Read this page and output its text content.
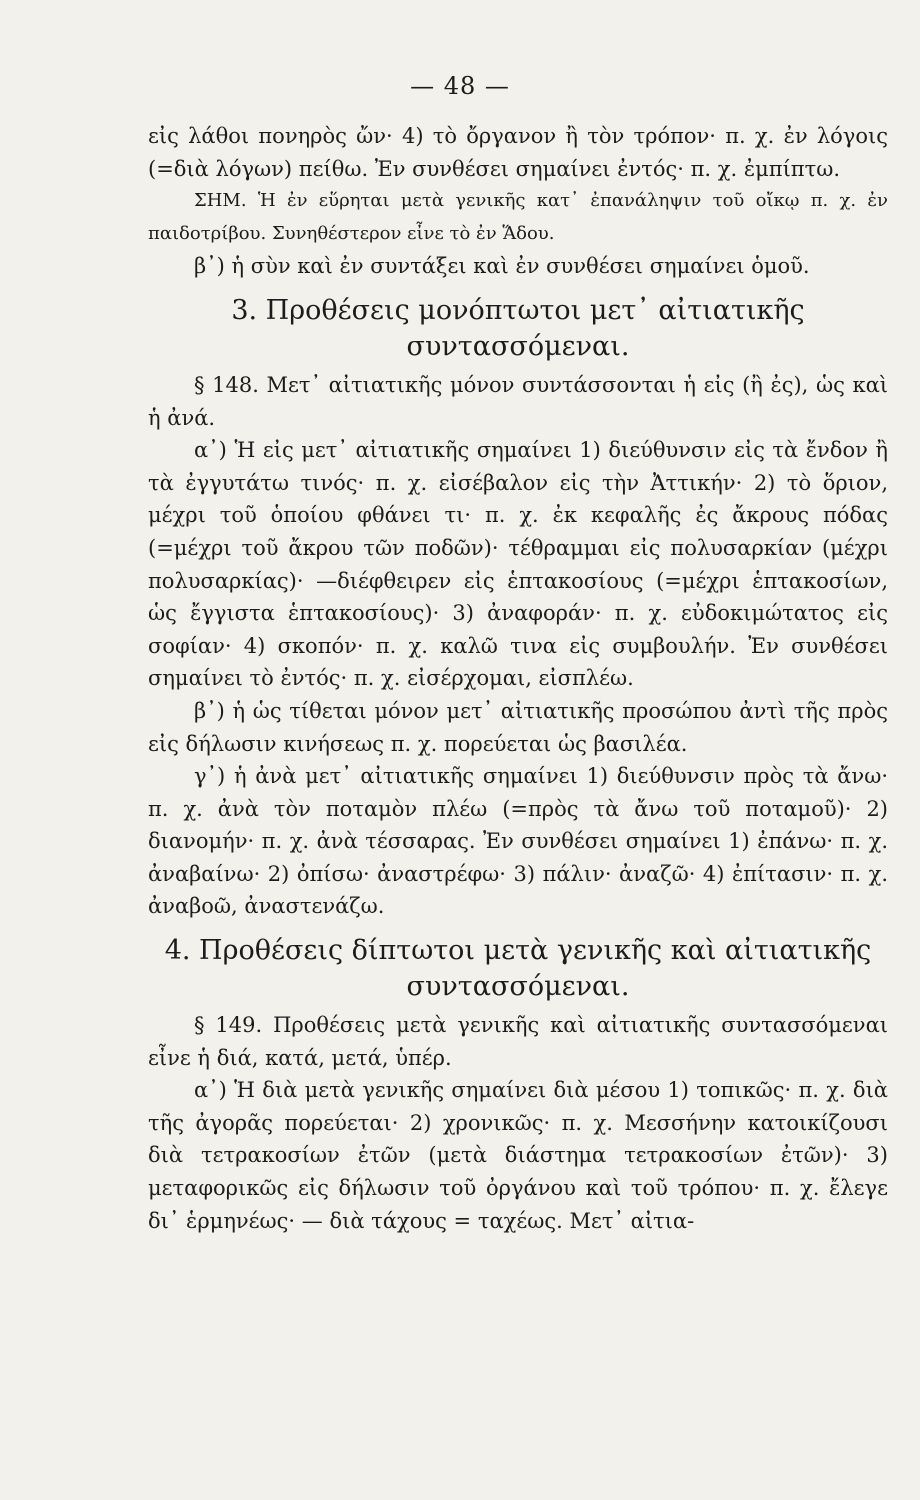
— 48 —

εἰς λάθοι πονηρὸς ὤν· 4) τὸ ὄργανον ἢ τὸν τρόπον· π. χ. ἐν λόγοις (=διὰ λόγων) πείθω. Ἐν συνθέσει σημαίνει ἐντός· π. χ. ἐμπίπτω.

ΣΗΜ. Ἡ ἐν εὕρηται μετὰ γενικῆς κατ᾽ ἐπανάληψιν τοῦ οἴκῳ π. χ. ἐν παιδοτρίβου. Συνηθέστερον εἶνε τὸ ἐν Ἅδου.

β᾽) ἡ σὺν καὶ ἐν συντάξει καὶ ἐν συνθέσει σημαίνει ὁμοῦ.

3. Προθέσεις μονόπτωτοι μετ᾽ αἰτιατικῆς
συντασσόμεναι.

§ 148. Μετ᾽ αἰτιατικῆς μόνον συντάσσονται ἡ εἰς (ἢ ἐς), ὡς καὶ ἡ ἀνά.

α᾽) Ἡ εἰς μετ᾽ αἰτιατικῆς σημαίνει 1) διεύθυνσιν εἰς τὰ ἔνδον ἢ τὰ ἐγγυτάτω τινός· π. χ. εἰσέβαλον εἰς τὴν Ἀττικήν· 2) τὸ ὅριον, μέχρι τοῦ ὁποίου φθάνει τι· π. χ. ἐκ κεφαλῆς ἐς ἄκρους πόδας (=μέχρι τοῦ ἄκρου τῶν ποδῶν)· τέθραμμαι εἰς πολυσαρκίαν (μέχρι πολυσαρκίας)· —διέφθειρεν εἰς ἑπτακοσίους (=μέχρι ἑπτακοσίων, ὡς ἔγγιστα ἑπτακοσίους)· 3) ἀναφοράν· π. χ. εὐδοκιμώτατος εἰς σοφίαν· 4) σκοπόν· π. χ. καλῶ τινα εἰς συμβουλήν. Ἐν συνθέσει σημαίνει τὸ ἐντός· π. χ. εἰσέρχομαι, εἰσπλέω.

β᾽) ἡ ὡς τίθεται μόνον μετ᾽ αἰτιατικῆς προσώπου ἀντὶ τῆς πρὸς εἰς δήλωσιν κινήσεως π. χ. πορεύεται ὡς βασιλέα.

γ᾽) ἡ ἀνὰ μετ᾽ αἰτιατικῆς σημαίνει 1) διεύθυνσιν πρὸς τὰ ἄνω· π. χ. ἀνὰ τὸν ποταμὸν πλέω (=πρὸς τὰ ἄνω τοῦ ποταμοῦ)· 2) διανομήν· π. χ. ἀνὰ τέσσαρας. Ἐν συνθέσει σημαίνει 1) ἐπάνω· π. χ. ἀναβαίνω· 2) ὀπίσω· ἀναστρέφω· 3) πάλιν· ἀναζῶ· 4) ἐπίτασιν· π. χ. ἀναβοῶ, ἀναστενάζω.

4. Προθέσεις δίπτωτοι μετὰ γενικῆς καὶ αἰτιατικῆς
συντασσόμεναι.

§ 149. Προθέσεις μετὰ γενικῆς καὶ αἰτιατικῆς συντασσόμεναι εἶνε ἡ διά, κατά, μετά, ὑπέρ.

α᾽) Ἡ διὰ μετὰ γενικῆς σημαίνει διὰ μέσου 1) τοπικῶς· π. χ. διὰ τῆς ἀγορᾶς πορεύεται· 2) χρονικῶς· π. χ. Μεσσήνην κατοικίζουσι διὰ τετρακοσίων ἐτῶν (μετὰ διάστημα τετρακοσίων ἐτῶν)· 3) μεταφορικῶς εἰς δήλωσιν τοῦ ὀργάνου καὶ τοῦ τρόπου· π. χ. ἔλεγε δι᾽ ἑρμηνέως· — διὰ τάχους = ταχέως. Μετ᾽ αἰτια-
